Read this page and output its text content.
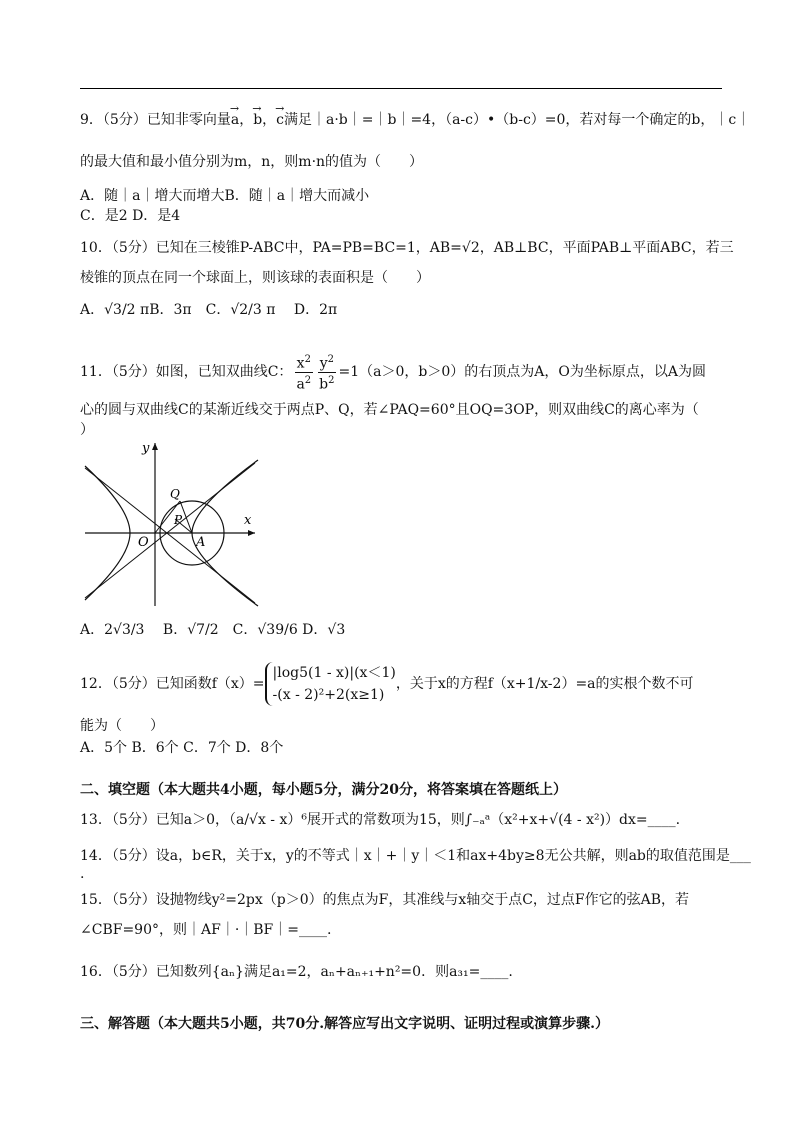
9．（5分）已知非零向量→ a，→ b，→ c满足｜a·b｜=｜b｜=4，（a-c）•（b-c）=0，若对每一个确定的b，｜c｜
的最大值和最小值分别为m，n，则m·n的值为（　　）
A．随｜a｜增大而增大B．随｜a｜增大而减小
C．是2 D．是4
10．（5分）已知在三棱锥P-ABC中，PA=PB=BC=1，AB=√2，AB⊥BC，平面PAB⊥平面ABC，若三
棱锥的顶点在同一个球面上，则该球的表面积是（　　）
A．√3/2 πB．3π　C．√2/3 π　 D．2π
11．（5分）如图，已知双曲线C： $\frac{x^2}{a^2} \frac{y^2}{b^2} =1(a>0$，b＞0）的右顶点为A，O为坐标原点，以A为圆
心的圆与双曲线C的某渐近线交于两点P、Q，若∠PAQ=60°且OQ=3OP，则双曲线C的离心率为（
）
y
x
O	A
P
Q
A．2√3/3　 B．√7/2　C．√39/6 D．√3
12．（5分）已知函数f（x）=|log5(1 - x)|(x＜1)
-(x - 2)²+2(x≥1)，关于x的方程f（x+1/x-2）=a的实根个数不可
能为（　　）
A．5个 B．6个 C．7个 D．8个
二、填空题（本大题共4小题，每小题5分，满分20分，将答案填在答题纸上）
13．（5分）已知a＞0，（a/√x - x）⁶展开式的常数项为15，则∫₋ₐᵃ（x²+x+√(4 - x²)）dx=____.
14．（5分）设a，b∈R，关于x，y的不等式｜x｜+｜y｜＜1和ax+4by≥8无公共解，则ab的取值范围是___
.
15．（5分）设抛物线y²=2px（p＞0）的焦点为F，其准线与x轴交于点C，过点F作它的弦AB，若
∠CBF=90°，则｜AF｜·｜BF｜=____.
16．（5分）已知数列{aₙ}满足a₁=2，aₙ+aₙ₊₁+n²=0．则a₃₁=____.
三、解答题（本大题共5小题，共70分.解答应写出文字说明、证明过程或演算步骤.）
